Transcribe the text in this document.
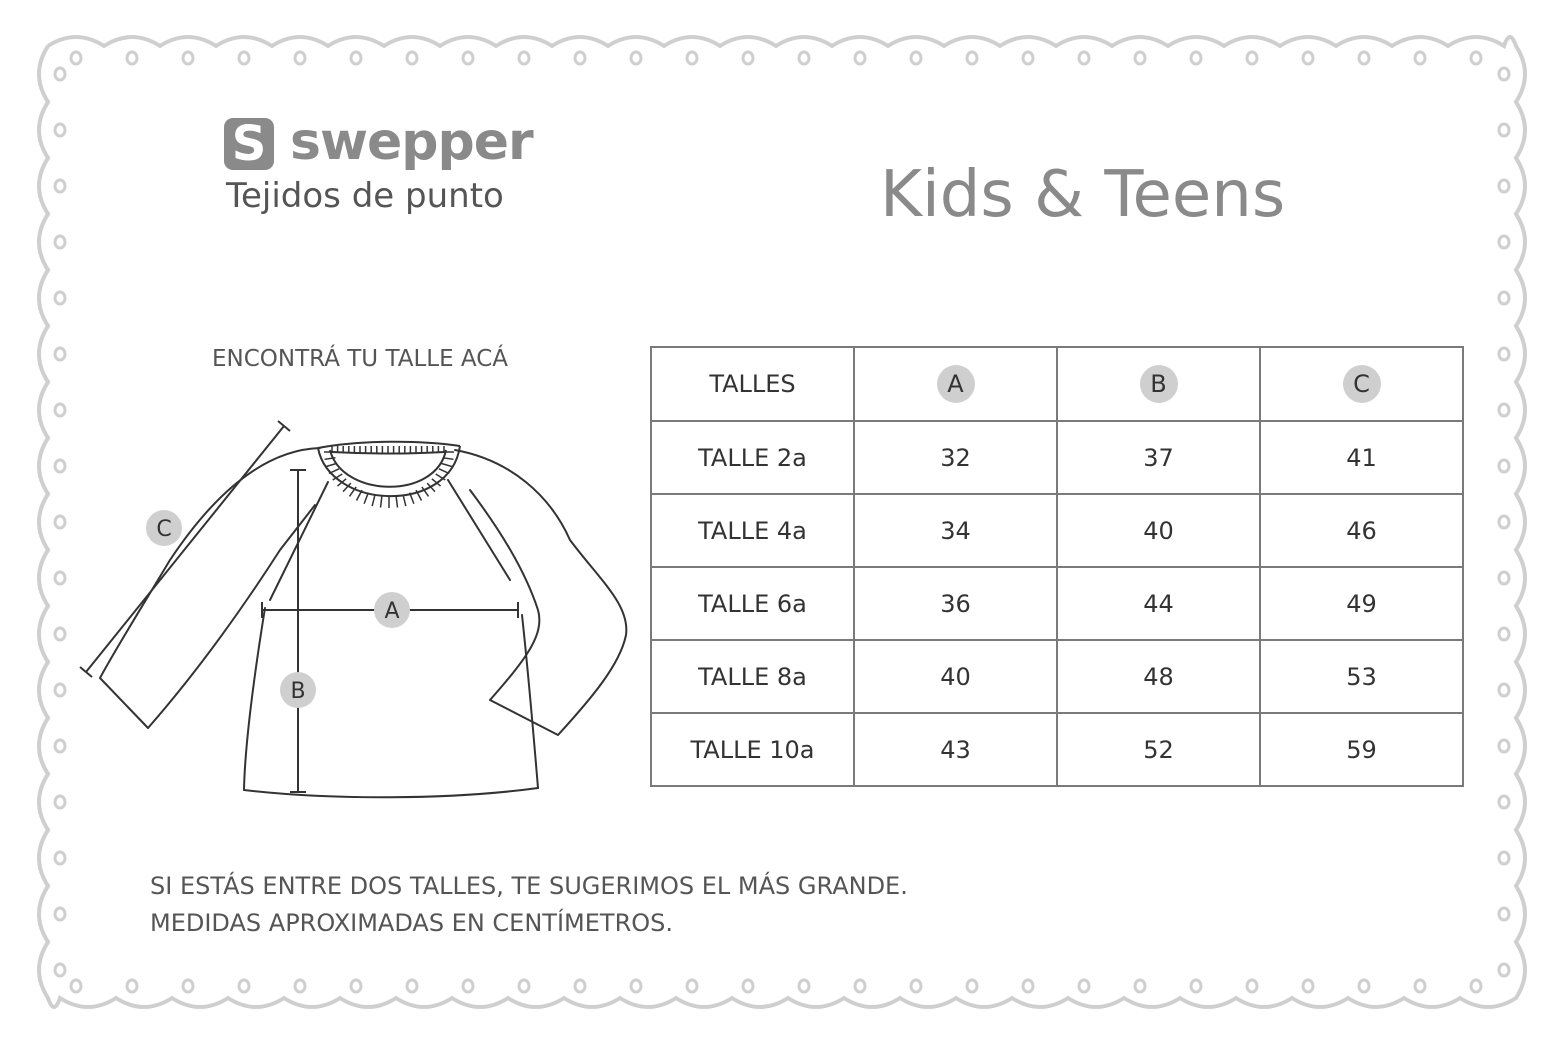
S swepper
Tejidos de punto	Kids & Teens
ENCONTRÁ TU TALLE ACÁ
C
A
B
TALLES	A	B	C
TALLE 2a	32	37	41
TALLE 4a	34	40	46
TALLE 6a	36	44	49
TALLE 8a	40	48	53
TALLE 10a	43	52	59
SI ESTÁS ENTRE DOS TALLES, TE SUGERIMOS EL MÁS GRANDE.
MEDIDAS APROXIMADAS EN CENTÍMETROS.
